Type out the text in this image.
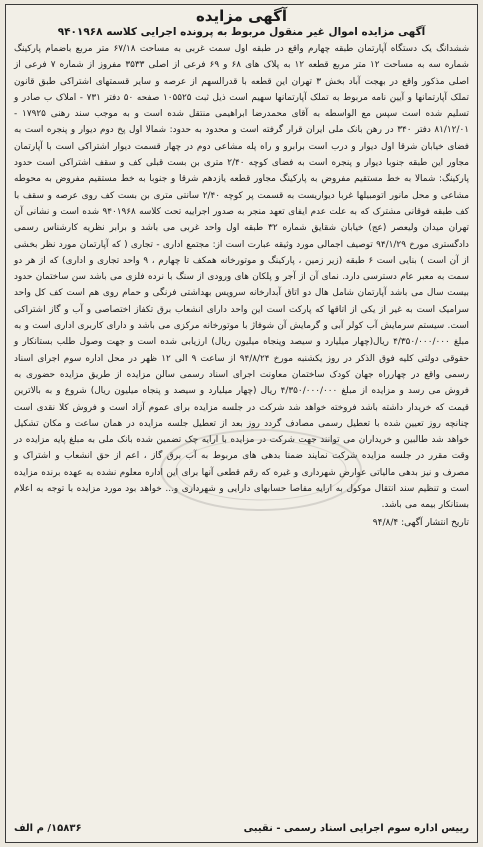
آگهی مزایده
آگهی مزایده اموال غیر منقول مربوط به پرونده اجرایی کلاسه ۹۴۰۱۹۶۸

ششدانگ یک دستگاه آپارتمان طبقه چهارم واقع در طبقه اول سمت غربی به مساحت ۶۷/۱۸ متر مربع باضمام پارکینگ شماره سه به مساحت ۱۲ متر مربع قطعه ۱۲ به پلاک های ۶۸ و ۶۹ فرعی از اصلی ۳۵۳۳ مفروز از شماره ۷ فرعی از اصلی مذکور واقع در بهجت آباد بخش ۳ تهران این قطعه با قدرالسهم از عرصه و سایر قسمتهای اشتراکی طبق قانون تملک آپارتمانها و آیین نامه مربوط به تملک آپارتمانها سهیم است ذیل ثبت ۱۰۵۵۲۵ صفحه ۵۰ دفتر ۷۳۱ - املاک ب صادر و تسلیم شده است سپس مع الواسطه به آقای محمدرضا ابراهیمی منتقل شده است و به موجب سند رهنی ۱۷۹۲۵ - ۸۱/۱۲/۰۱ دفتر ۳۴۰ در رهن بانک ملی ایران قرار گرفته است و محدود به حدود: شمالا اول پخ دوم دیوار و پنجره است به فضای خیابان شرقا اول دیوار و درب است برابرو و راه پله مشاعی دوم در چهار قسمت دیوار اشتراکی است با آپارتمان مجاور این طبقه جنوبا دیوار و پنجره است به فضای کوچه ۲/۴۰ متری بن بست قبلی کف و سقف اشتراکی است حدود پارکینگ: شمالا به خط مستقیم مفروض به پارکینگ مجاور قطعه یازدهم شرقا و جنوبا به خط مستقیم مفروض به محوطه مشاعی و محل مانور اتومبیلها غربا دیواریست به قسمت پر کوچه ۲/۴۰ سانتی متری بن بست کف روی عرصه و سقف با کف طبقه فوقانی مشترک که به علت عدم ایفای تعهد منجر به صدور اجراییه تحت کلاسه ۹۴۰۱۹۶۸ شده است و نشانی آن تهران میدان ولیعصر (عج) خیابان شقایق شماره ۳۲ طبقه اول واحد غربی می باشد و برابر نظریه کارشناس رسمی دادگستری مورخ ۹۴/۱/۲۹ توصیف اجمالی مورد وثیقه عبارت است از: مجتمع اداری - تجاری ( که آپارتمان مورد نظر بخشی از آن است ) بنایی است ۶ طبقه (زیر زمین ، پارکینگ و موتورخانه همکف تا چهارم ، ۹ واحد تجاری و اداری) که از هر دو سمت به معبر عام دسترسی دارد. نمای آن از آجر و پلکان های ورودی از سنگ با نرده فلزی می باشد سن ساختمان حدود بیست سال می باشد آپارتمان شامل هال دو اتاق آبدارخانه سرویس بهداشتی فرنگی و حمام روی هم است کف کل واحد سرامیک است به غیر از یکی از اتاقها که پارکت است این واحد دارای انشعاب برق تکفاز اختصاصی و آب و گاز اشتراکی است. سیستم سرمایش آب کولر آبی و گرمایش آن شوفاژ با موتورخانه مرکزی می باشد و دارای کاربری اداری است و به مبلغ ۴/۳۵۰/۰۰۰/۰۰۰ ریال(چهار میلیارد و سیصد وپنجاه میلیون ریال) ارزیابی شده است و جهت وصول طلب بستانکار و حقوقی دولتی کلیه فوق الذکر در روز یکشنبه مورخ ۹۴/۸/۲۴ از ساعت ۹ الی ۱۲ ظهر در محل اداره سوم اجرای اسناد رسمی واقع در چهارراه جهان کودک ساختمان معاونت اجرای اسناد رسمی سالن مزایده از طریق مزایده حضوری به فروش می رسد و مزایده از مبلغ ۴/۳۵۰/۰۰۰/۰۰۰ ریال (چهار میلیارد و سیصد و پنجاه میلیون ریال) شروع و به بالاترین قیمت که خریدار داشته باشد فروخته خواهد شد شرکت در جلسه مزایده برای عموم آزاد است و فروش کلا نقدی است چنانچه روز تعیین شده با تعطیل رسمی مصادف گردد روز بعد از تعطیل جلسه مزایده در همان ساعت و مکان تشکیل خواهد شد طالبین و خریداران می توانند جهت شرکت در مزایده با ارایه چک تضمین شده بانک ملی به مبلغ پایه مزایده در وقت مقرر در جلسه مزایده شرکت نمایند ضمنا بدهی های مربوط به آب برق گاز ، اعم از حق انشعاب و اشتراک و مصرف و نیز بدهی مالیاتی عوارض شهرداری و غیره که رقم قطعی آنها برای این اداره معلوم نشده به عهده برنده مزایده است و تنظیم سند انتقال موکول به ارایه مفاصا حسابهای دارایی و شهرداری و... خواهد بود مورد مزایده با توجه به اعلام بستانکار بیمه می باشد.

تاریخ انتشار آگهی: ۹۴/۸/۴

رییس اداره سوم اجرایی اسناد رسمی - نقیبی
۱۵۸۳۶/ م الف
